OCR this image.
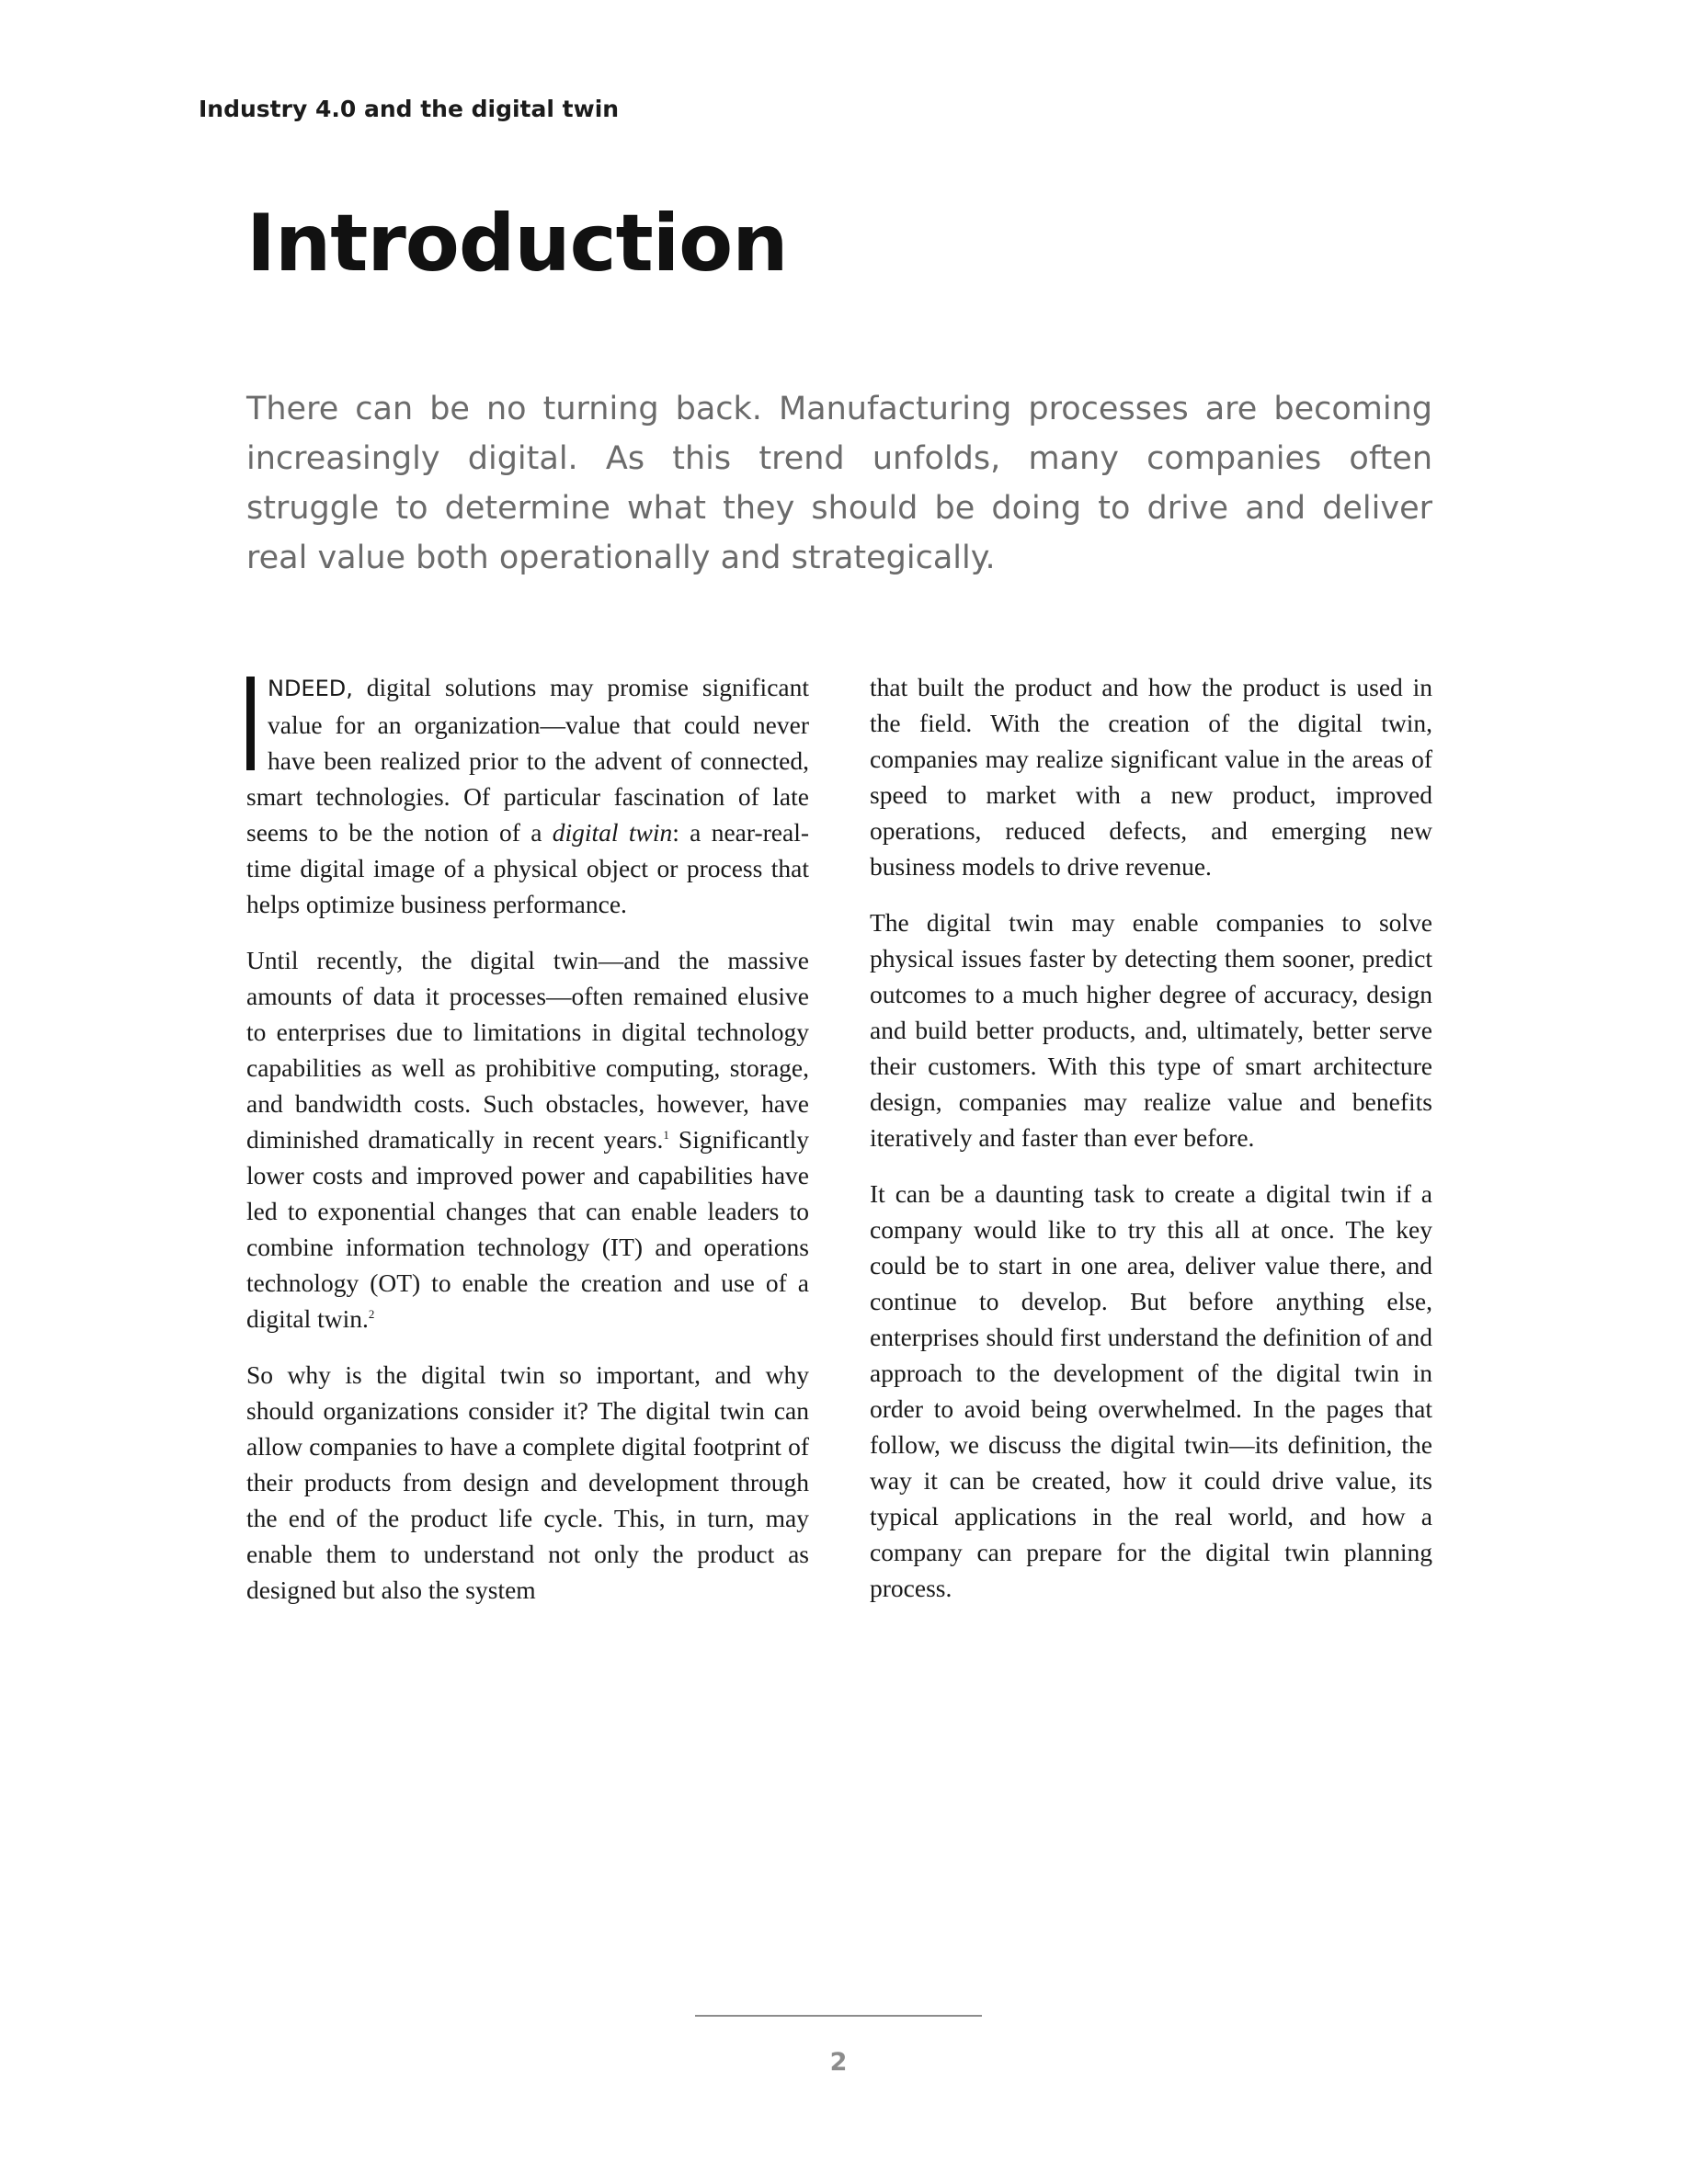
Industry 4.0 and the digital twin
Introduction

There can be no turning back. Manufacturing processes are becoming increasingly digital. As this trend unfolds, many companies often struggle to determine what they should be doing to drive and deliver real value both operationally and strategically.

NDEED, digital solutions may promise significant value for an organization—value that could never have been realized prior to the advent of connected, smart technologies. Of particular fascination of late seems to be the notion of a digital twin: a near-real-time digital image of a physical object or process that helps optimize business performance.

Until recently, the digital twin—and the massive amounts of data it processes—often remained elusive to enterprises due to limitations in digital technology capabilities as well as prohibitive computing, storage, and bandwidth costs. Such obstacles, however, have diminished dramatically in recent years.$^1$ Significantly lower costs and improved power and capabilities have led to exponential changes that can enable leaders to combine information technology (IT) and operations technology (OT) to enable the creation and use of a digital twin.$^2$

So why is the digital twin so important, and why should organizations consider it? The digital twin can allow companies to have a complete digital footprint of their products from design and development through the end of the product life cycle. This, in turn, may enable them to understand not only the product as designed but also the system

that built the product and how the product is used in the field. With the creation of the digital twin, companies may realize significant value in the areas of speed to market with a new product, improved operations, reduced defects, and emerging new business models to drive revenue.

The digital twin may enable companies to solve physical issues faster by detecting them sooner, predict outcomes to a much higher degree of accuracy, design and build better products, and, ultimately, better serve their customers. With this type of smart architecture design, companies may realize value and benefits iteratively and faster than ever before.

It can be a daunting task to create a digital twin if a company would like to try this all at once. The key could be to start in one area, deliver value there, and continue to develop. But before anything else, enterprises should first understand the definition of and approach to the development of the digital twin in order to avoid being overwhelmed. In the pages that follow, we discuss the digital twin—its definition, the way it can be created, how it could drive value, its typical applications in the real world, and how a company can prepare for the digital twin planning process.

2
